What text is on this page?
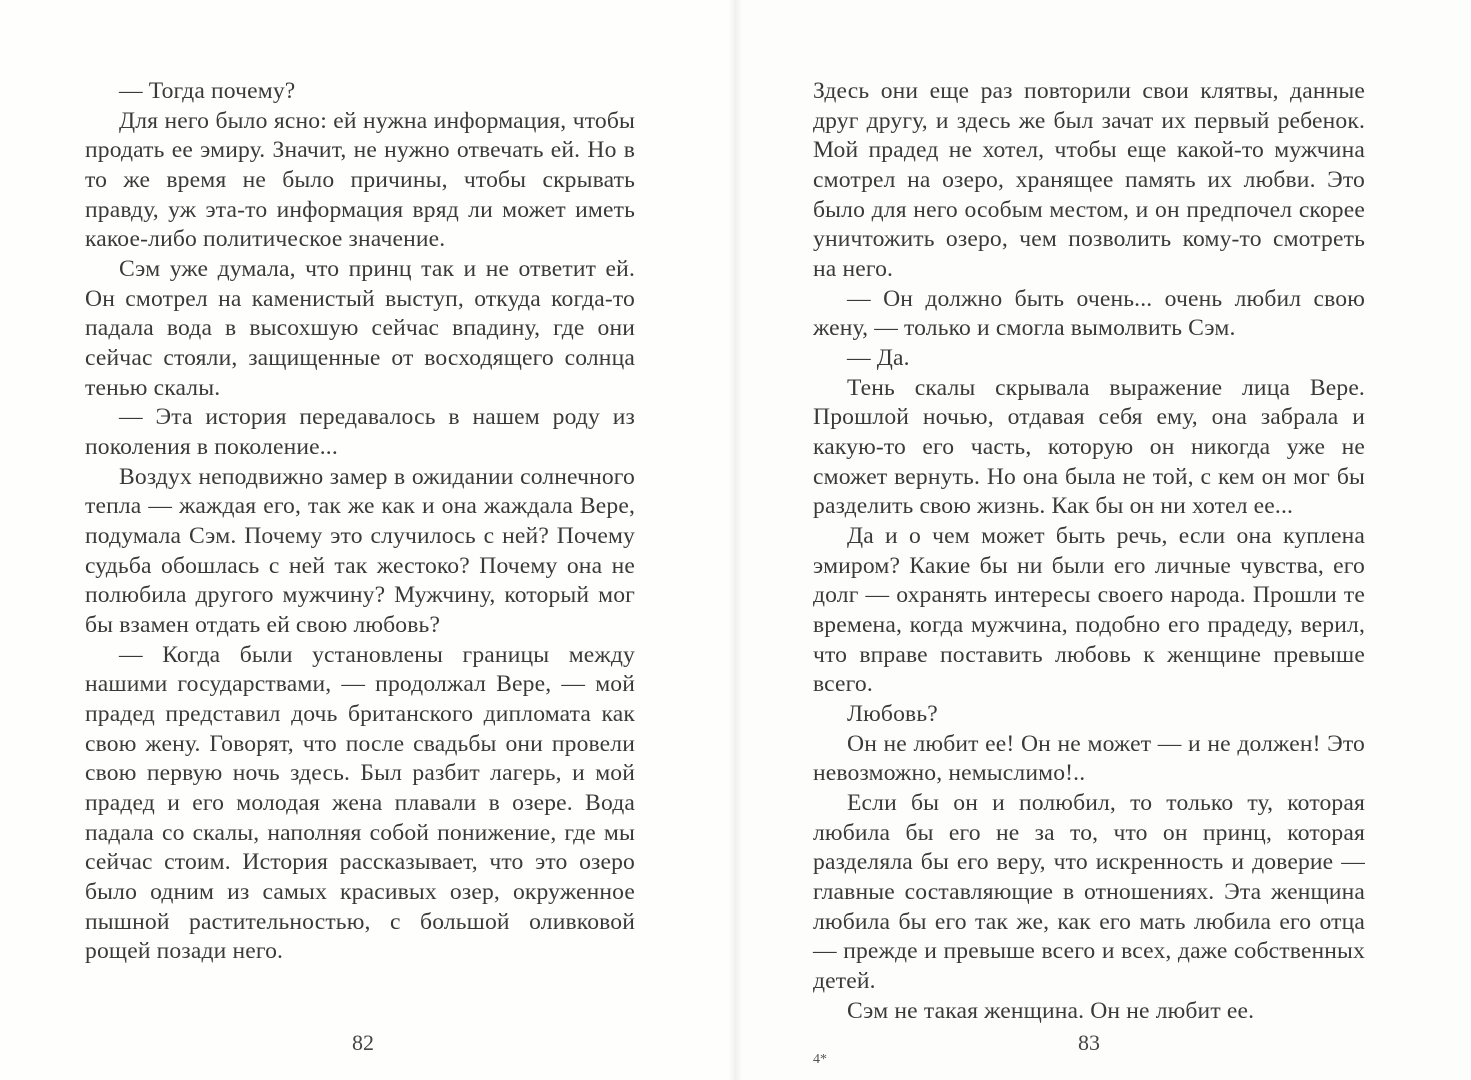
— Тогда почему?

Для него было ясно: ей нужна информация, чтобы продать ее эмиру. Значит, не нужно отвечать ей. Но в то же время не было причины, чтобы скрывать правду, уж эта-то информация вряд ли может иметь какое-либо политическое значение.

Сэм уже думала, что принц так и не ответит ей. Он смотрел на каменистый выступ, откуда когда-то падала вода в высохшую сейчас впадину, где они сейчас стояли, защищенные от восходящего солнца тенью скалы.

— Эта история передавалось в нашем роду из поколения в поколение...

Воздух неподвижно замер в ожидании солнечного тепла — жаждая его, так же как и она жаждала Вере, подумала Сэм. Почему это случилось с ней? Почему судьба обошлась с ней так жестоко? Почему она не полюбила другого мужчину? Мужчину, который мог бы взамен отдать ей свою любовь?

— Когда были установлены границы между нашими государствами, — продолжал Вере, — мой прадед представил дочь британского дипломата как свою жену. Говорят, что после свадьбы они провели свою первую ночь здесь. Был разбит лагерь, и мой прадед и его молодая жена плавали в озере. Вода падала со скалы, наполняя собой понижение, где мы сейчас стоим. История рассказывает, что это озеро было одним из самых красивых озер, окруженное пышной растительностью, с большой оливковой рощей позади него.

82

Здесь они еще раз повторили свои клятвы, данные друг другу, и здесь же был зачат их первый ребенок. Мой прадед не хотел, чтобы еще какой-то мужчина смотрел на озеро, хранящее память их любви. Это было для него особым местом, и он предпочел скорее уничтожить озеро, чем позволить кому-то смотреть на него.

— Он должно быть очень... очень любил свою жену, — только и смогла вымолвить Сэм.

— Да.

Тень скалы скрывала выражение лица Вере. Прошлой ночью, отдавая себя ему, она забрала и какую-то его часть, которую он никогда уже не сможет вернуть. Но она была не той, с кем он мог бы разделить свою жизнь. Как бы он ни хотел ее...

Да и о чем может быть речь, если она куплена эмиром? Какие бы ни были его личные чувства, его долг — охранять интересы своего народа. Прошли те времена, когда мужчина, подобно его прадеду, верил, что вправе поставить любовь к женщине превыше всего.

Любовь?

Он не любит ее! Он не может — и не должен! Это невозможно, немыслимо!..

Если бы он и полюбил, то только ту, которая любила бы его не за то, что он принц, которая разделяла бы его веру, что искренность и доверие — главные составляющие в отношениях. Эта женщина любила бы его так же, как его мать любила его отца — прежде и превыше всего и всех, даже собственных детей.

Сэм не такая женщина. Он не любит ее.

83
4*
